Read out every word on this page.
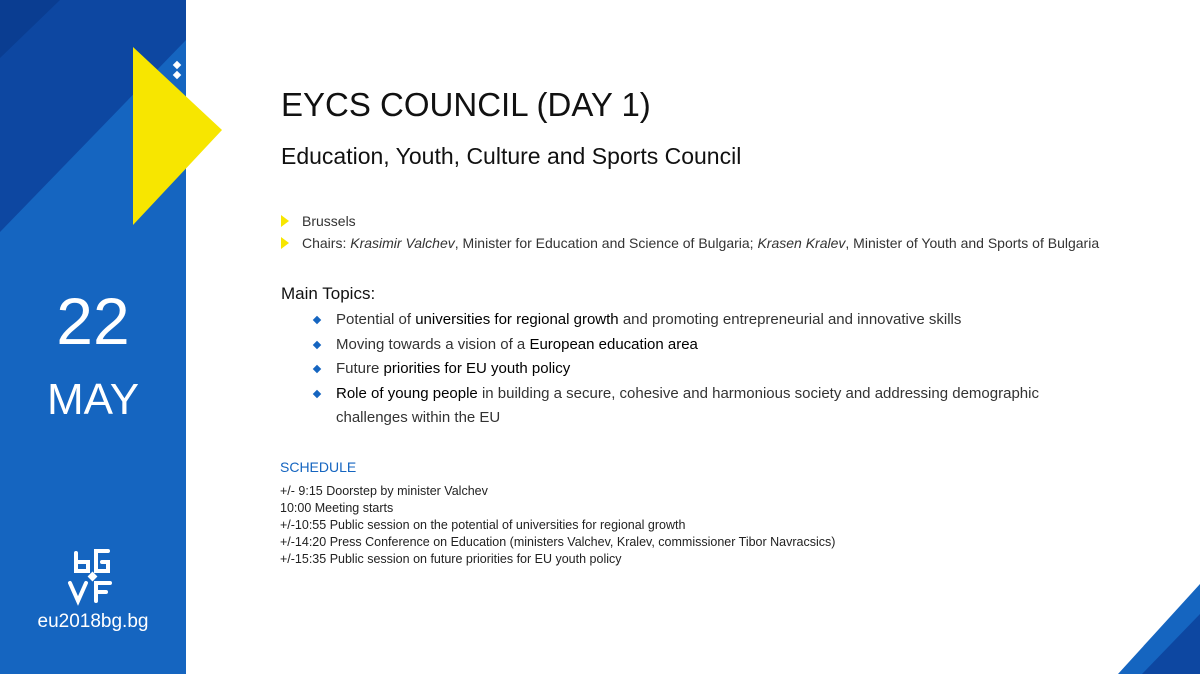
22
MAY
eu2018bg.bg
EYCS COUNCIL (DAY 1)
Education, Youth, Culture and Sports Council
Brussels
Chairs: Krasimir Valchev , Minister for Education and Science of Bulgaria; Krasen Kralev , Minister of Youth and Sports of Bulgaria
Main Topics:
Potential of universities for regional growth and promoting entrepreneurial and innovative skills
Moving towards a vision of a European education area
Future priorities for EU youth policy
Role of young people in building a secure, cohesive and harmonious society and addressing demographic challenges within the EU
SCHEDULE
+/- 9:15 Doorstep by minister Valchev
10:00 Meeting starts
+/-10:55 Public session on the potential of universities for regional growth
+/-14:20 Press Conference on Education (ministers Valchev, Kralev, commissioner Tibor Navracsics)
+/-15:35 Public session on future priorities for EU youth policy
